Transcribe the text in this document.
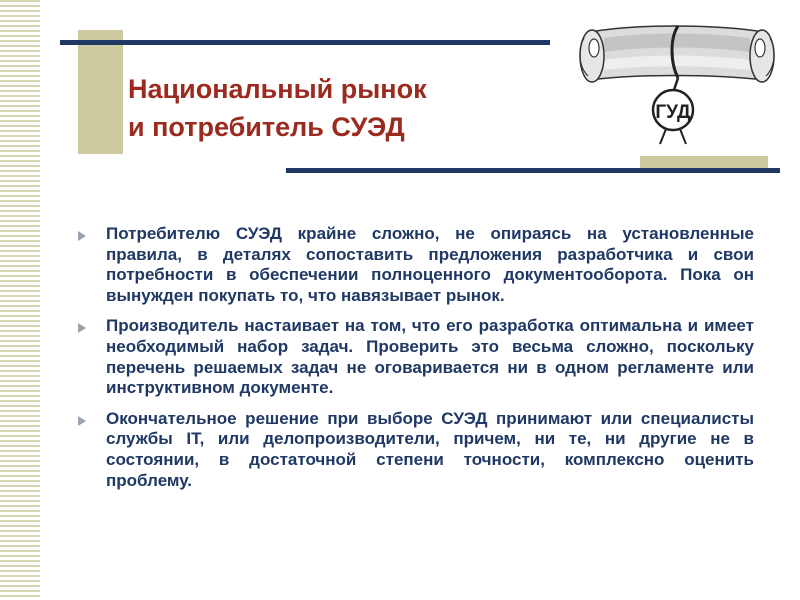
Национальный рынок
и потребитель СУЭД	ГУД
Потребителю СУЭД крайне сложно, не опираясь на установленные правила, в деталях сопоставить предложения разработчика и свои потребности в обеспечении полноценного документооборота. Пока он вынужден покупать то, что навязывает рынок.
Производитель настаивает на том, что его разработка оптимальна и имеет необходимый набор задач. Проверить это весьма сложно, поскольку перечень решаемых задач не оговаривается ни в одном регламенте или инструктивном документе.
Окончательное решение при выборе СУЭД принимают или специалисты службы IT, или делопроизводители, причем, ни те, ни другие не в состоянии, в достаточной степени точности, комплексно оценить проблему.
